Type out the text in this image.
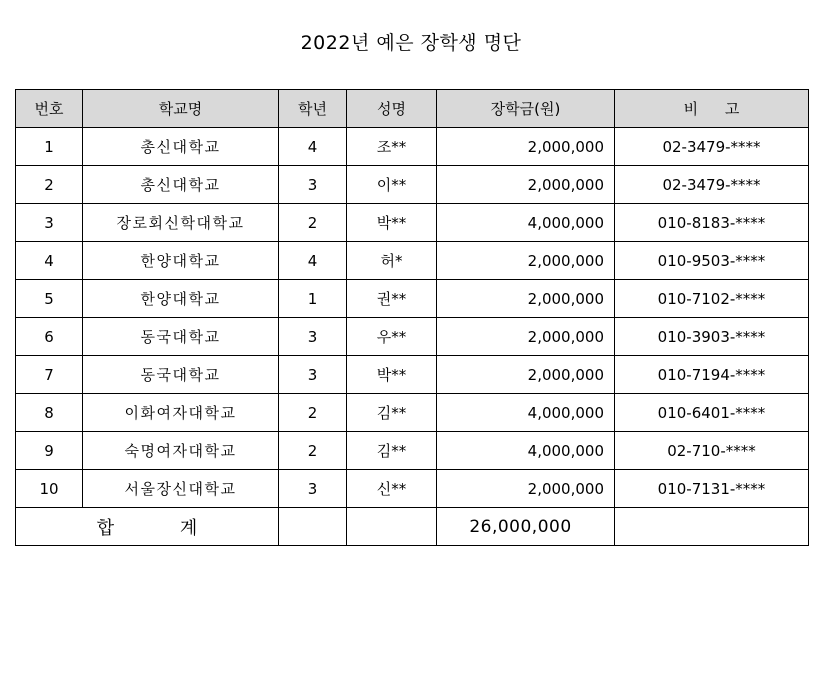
2022년 예은 장학생 명단
번호	학교명	학년	성명	장학금(원)	비 고
1	총신대학교	4	조**	2,000,000	02-3479-****
2	총신대학교	3	이**	2,000,000	02-3479-****
3	장로회신학대학교	2	박**	4,000,000	010-8183-****
4	한양대학교	4	허*	2,000,000	010-9503-****
5	한양대학교	1	권**	2,000,000	010-7102-****
6	동국대학교	3	우**	2,000,000	010-3903-****
7	동국대학교	3	박**	2,000,000	010-7194-****
8	이화여자대학교	2	김**	4,000,000	010-6401-****
9	숙명여자대학교	2	김**	4,000,000	02-710-****
10	서울장신대학교	3	신**	2,000,000	010-7131-****
합 계				26,000,000	
